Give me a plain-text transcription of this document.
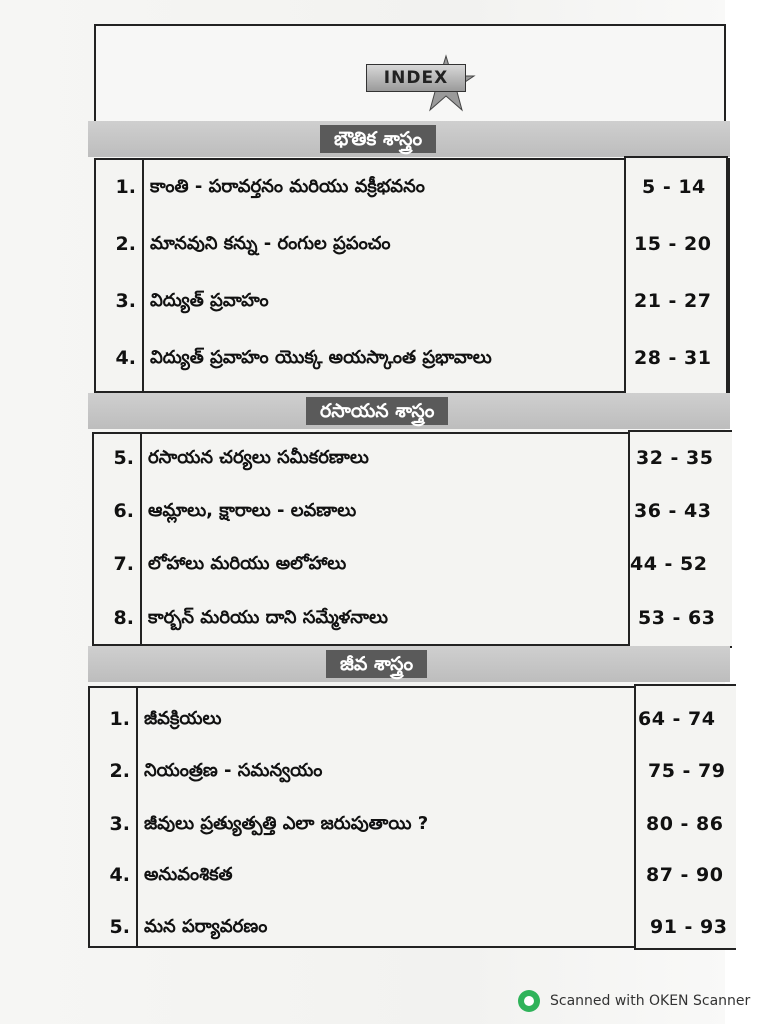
INDEX
భౌతిక శాస్త్రం
1. కాంతి - పరావర్తనం మరియు వక్రీభవనం	5 - 14
2. మానవుని కన్ను - రంగుల ప్రపంచం	15 - 20
3. విద్యుత్ ప్రవాహం	21 - 27
4. విద్యుత్ ప్రవాహం యొక్క అయస్కాంత ప్రభావాలు	28 - 31
రసాయన శాస్త్రం
5. రసాయన చర్యలు సమీకరణాలు	32 - 35
6. ఆమ్లాలు, క్షారాలు - లవణాలు	36 - 43
7. లోహాలు మరియు అలోహాలు	44 - 52
8. కార్బన్ మరియు దాని సమ్మేళనాలు	53 - 63
జీవ శాస్త్రం
1. జీవక్రియలు	64 - 74
2. నియంత్రణ - సమన్వయం	75 - 79
3. జీవులు ప్రత్యుత్పత్తి ఎలా జరుపుతాయి ?	80 - 86
4. అనువంశికత	87 - 90
5. మన పర్యావరణం	91 - 93
Scanned with OKEN Scanner
